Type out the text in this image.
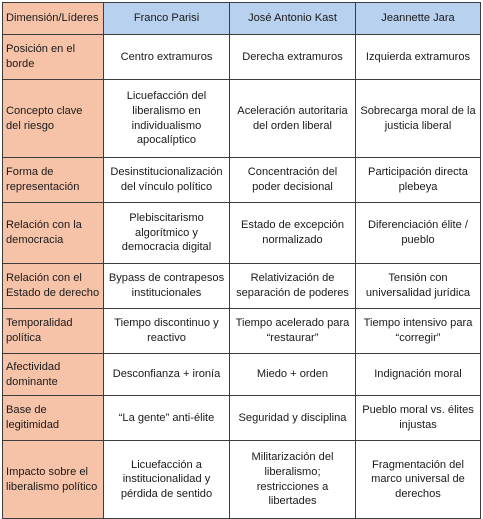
Dimensión/Líderes	Franco Parisi	José Antonio Kast	Jeannette Jara
Posición en el borde	Centro extramuros	Derecha extramuros	Izquierda extramuros
Concepto clave del riesgo	Licuefacción del liberalismo en individualismo apocalíptico	Aceleración autoritaria del orden liberal	Sobrecarga moral de la justicia liberal
Forma de representación	Desinstitucionalización del vínculo político	Concentración del poder decisional	Participación directa plebeya
Relación con la democracia	Plebiscitarismo algorítmico y democracia digital	Estado de excepción normalizado	Diferenciación élite / pueblo
Relación con el Estado de derecho	Bypass de contrapesos institucionales	Relativización de separación de poderes	Tensión con universalidad jurídica
Temporalidad política	Tiempo discontinuo y reactivo	Tiempo acelerado para “restaurar”	Tiempo intensivo para “corregir”
Afectividad dominante	Desconfianza + ironía	Miedo + orden	Indignación moral
Base de legitimidad	“La gente” anti-élite	Seguridad y disciplina	Pueblo moral vs. élites injustas
Impacto sobre el liberalismo político	Licuefacción a institucionalidad y pérdida de sentido	Militarización del liberalismo; restricciones a libertades	Fragmentación del marco universal de derechos
